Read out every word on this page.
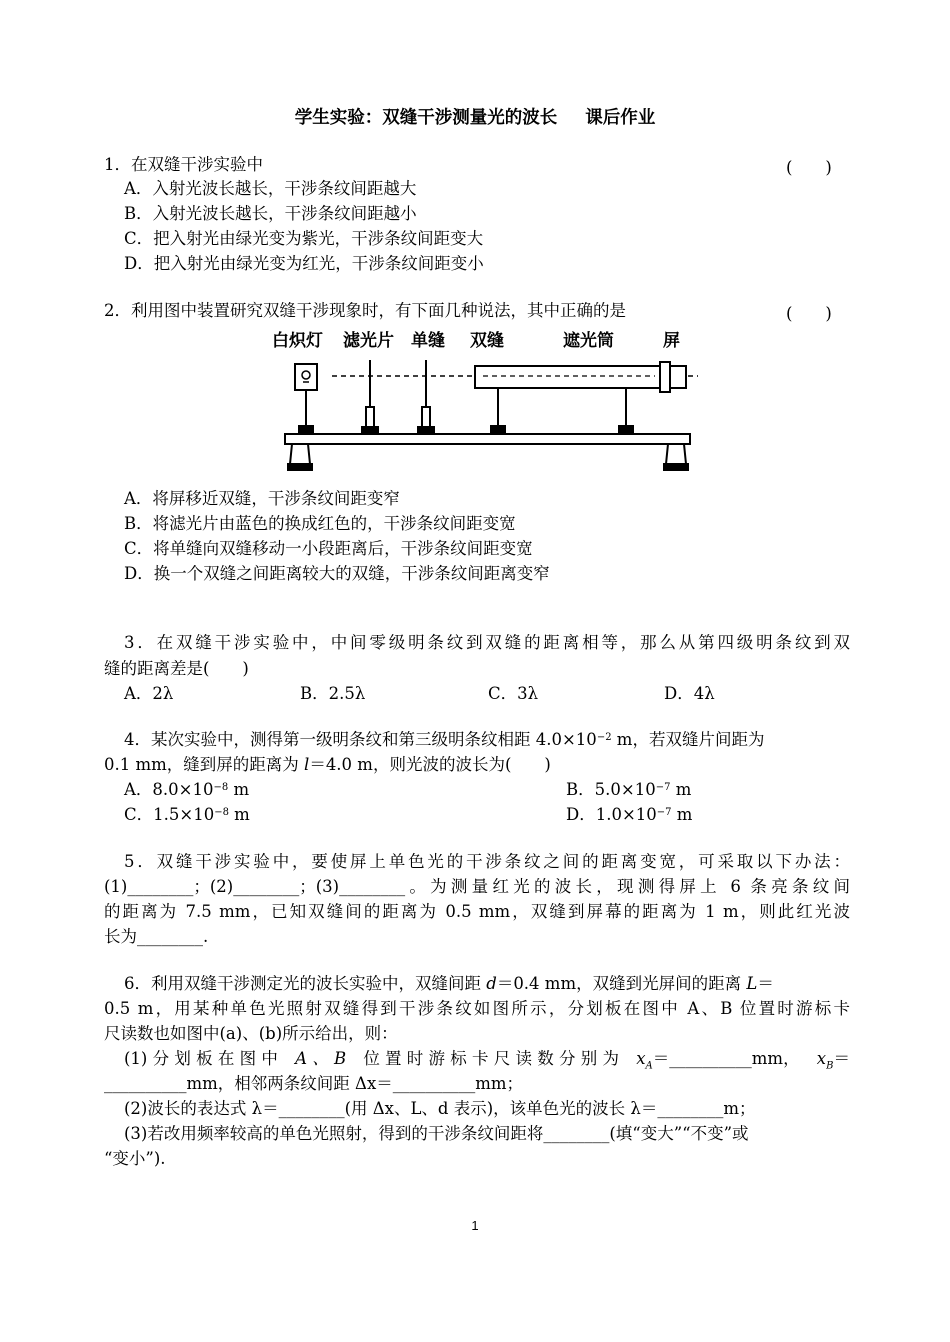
学生实验：双缝干涉测量光的波长 课后作业
1．在双缝干涉实验中	(　　)
A．入射光波长越长，干涉条纹间距越大
B．入射光波长越长，干涉条纹间距越小
C．把入射光由绿光变为紫光，干涉条纹间距变大
D．把入射光由绿光变为红光，干涉条纹间距变小
2．利用图中装置研究双缝干涉现象时，有下面几种说法，其中正确的是	(　　)
白炽灯 滤光片 单缝 双缝	遮光筒	屏
A．将屏移近双缝，干涉条纹间距变窄
B．将滤光片由蓝色的换成红色的，干涉条纹间距变宽
C．将单缝向双缝移动一小段距离后，干涉条纹间距变宽
D．换一个双缝之间距离较大的双缝，干涉条纹间距离变窄
3．在双缝干涉实验中，中间零级明条纹到双缝的距离相等，那么从第四级明条纹到双
缝的距离差是(　　)
A．2λ	B．2.5λ	C．3λ	D．4λ
4．某次实验中，测得第一级明条纹和第三级明条纹相距 $4.0\times 10^{-2}$ m，若双缝片间距为
0.1 mm，缝到屏的距离为 l＝4.0 m，则光波的波长为(　　)
A．$8.0\times 10^{-8}$ m	B．$5.0\times 10^{-7}$ m
C．$1.5\times 10^{-8}$ m	D．$1.0\times 10^{-7}$ m
5．双缝干涉实验中，要使屏上单色光的干涉条纹之间的距离变宽，可采取以下办法：
(1)________；(2)________；(3)________。为测量红光的波长，现测得屏上 6 条亮条纹间
的距离为 7.5 mm，已知双缝间的距离为 0.5 mm，双缝到屏幕的距离为 1 m，则此红光波
长为________.
6．利用双缝干涉测定光的波长实验中，双缝间距 d＝0.4 mm，双缝到光屏间的距离 L＝
0.5 m，用某种单色光照射双缝得到干涉条纹如图所示，分划板在图中 A、B 位置时游标卡
尺读数也如图中(a)、(b)所示给出，则：
(1) 分 划 板 在 图 中 A 、 B 位 置 时 游 标 卡 尺 读 数 分 别 为 $x_A=\_\_\_\_\_\_\_\_\_\_mm$， $x_B=$
__________mm，相邻两条纹间距 Δx＝__________mm；
(2)波长的表达式 λ＝________(用 Δx、L、d 表示)，该单色光的波长 λ＝________m；
(3)若改用频率较高的单色光照射，得到的干涉条纹间距将________(填“变大”“不变”或
“变小”).
1
